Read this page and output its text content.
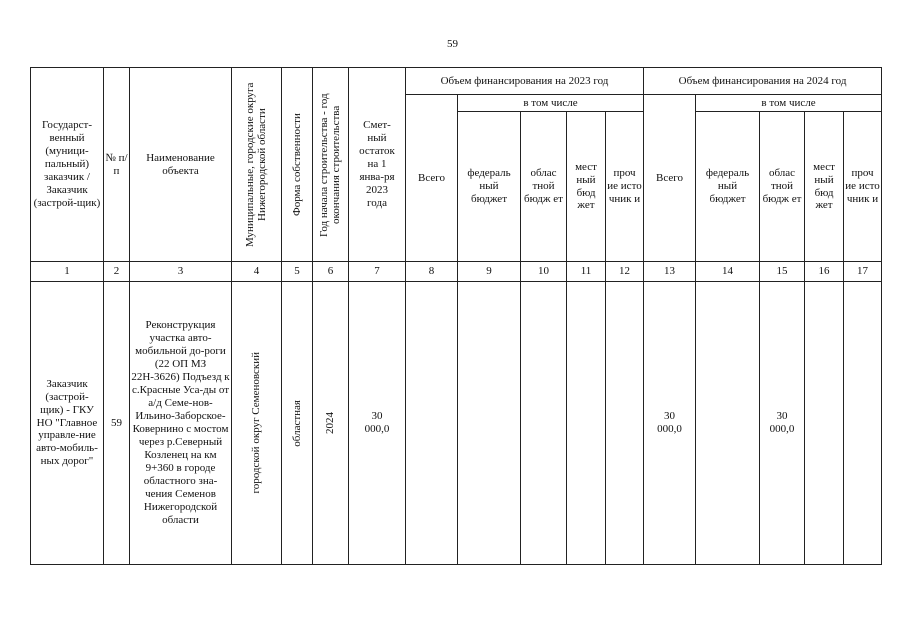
59
Государст-венный (муници-пальный) заказчик / Заказчик (застрой-щик)	№ п/п	Наименование объекта	Муниципальные, городские округа Нижегородской области	Форма собственности	Год начала строительства - год окончания строительства	Смет-ный остаток на 1 янва-ря 2023 года	Объем финансирования на 2023 год					Объем финансирования на 2024 год				
							Всего	в том числе				Всего	в том числе			
								федераль ный бюджет	облас тной бюдж ет	мест ный бюд жет	проч ие исто чник и		федераль ный бюджет	облас тной бюдж ет	мест ный бюд жет	проч ие исто чник и
1	2	3	4	5	6	7	8	9	10	11	12	13	14	15	16	17
Заказчик (застрой-щик) - ГКУ НО "Главное управле-ние авто-мобиль-ных дорог"	59	Реконструкция участка авто-мобильной до-роги (22 ОП МЗ 22Н-3626) Подъезд к с.Красные Уса-ды от а/д Семе-нов-Ильино-Заборское-Ковернино с мостом через р.Северный Козленец на км 9+360 в городе областного зна-чения Семенов Нижегородской области	городской округ Семеновский	областная	2024	30 000,0						30 000,0		30 000,0		
